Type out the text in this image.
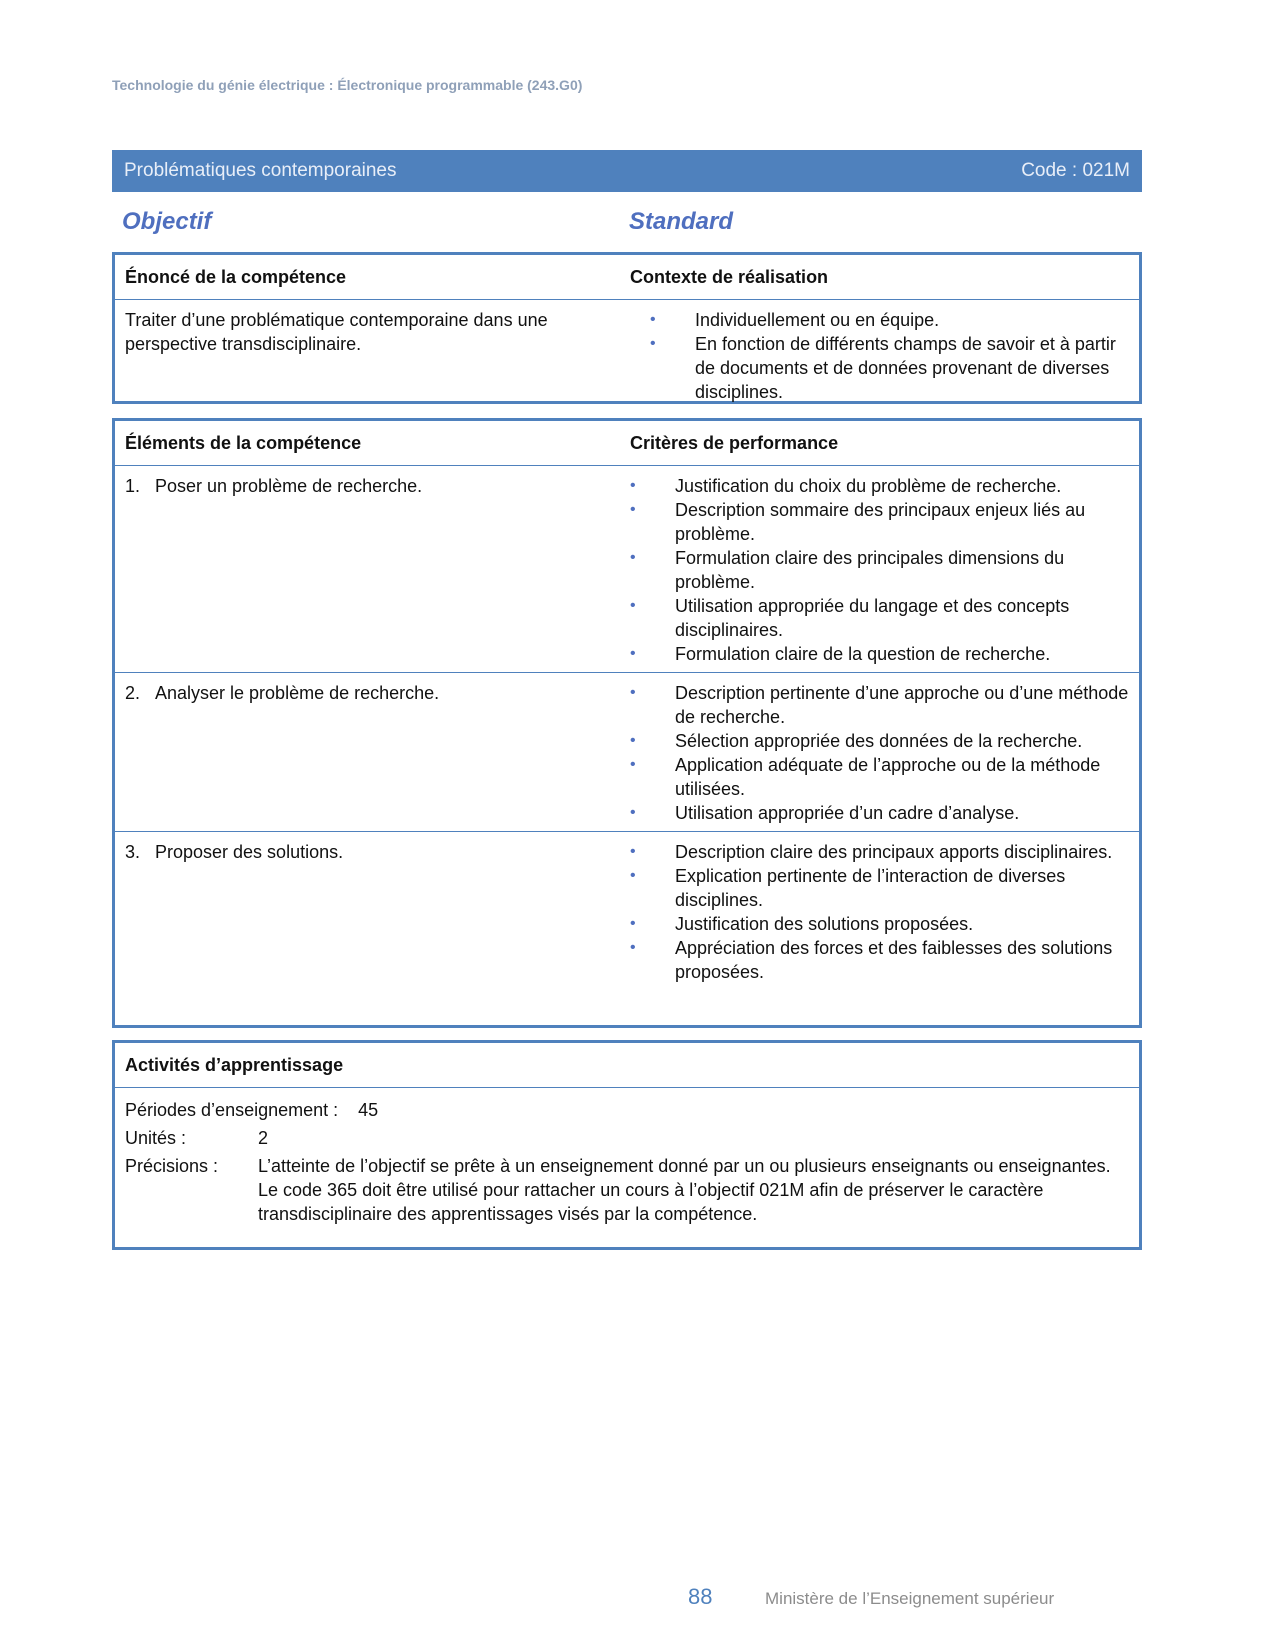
Technologie du génie électrique : Électronique programmable (243.G0)
Problématiques contemporaines	Code : 021M
Objectif	Standard
Énoncé de la compétence	Contexte de réalisation
Traiter d’une problématique contemporaine dans une perspective transdisciplinaire.
• Individuellement ou en équipe.
• En fonction de différents champs de savoir et à partir de documents et de données provenant de diverses disciplines.
Éléments de la compétence	Critères de performance
1. Poser un problème de recherche.	• Justification du choix du problème de recherche.
• Description sommaire des principaux enjeux liés au problème.
• Formulation claire des principales dimensions du problème.
• Utilisation appropriée du langage et des concepts disciplinaires.
• Formulation claire de la question de recherche.
2. Analyser le problème de recherche.	• Description pertinente d’une approche ou d’une méthode de recherche.
• Sélection appropriée des données de la recherche.
• Application adéquate de l’approche ou de la méthode utilisées.
• Utilisation appropriée d’un cadre d’analyse.
3. Proposer des solutions.	• Description claire des principaux apports disciplinaires.
• Explication pertinente de l’interaction de diverses disciplines.
• Justification des solutions proposées.
• Appréciation des forces et des faiblesses des solutions proposées.
Activités d’apprentissage
Périodes d’enseignement : 45
Unités :	2
Précisions :	L’atteinte de l’objectif se prête à un enseignement donné par un ou plusieurs enseignants ou enseignantes.

Le code 365 doit être utilisé pour rattacher un cours à l’objectif 021M afin de préserver le caractère transdisciplinaire des apprentissages visés par la compétence.

88	Ministère de l’Enseignement supérieur
